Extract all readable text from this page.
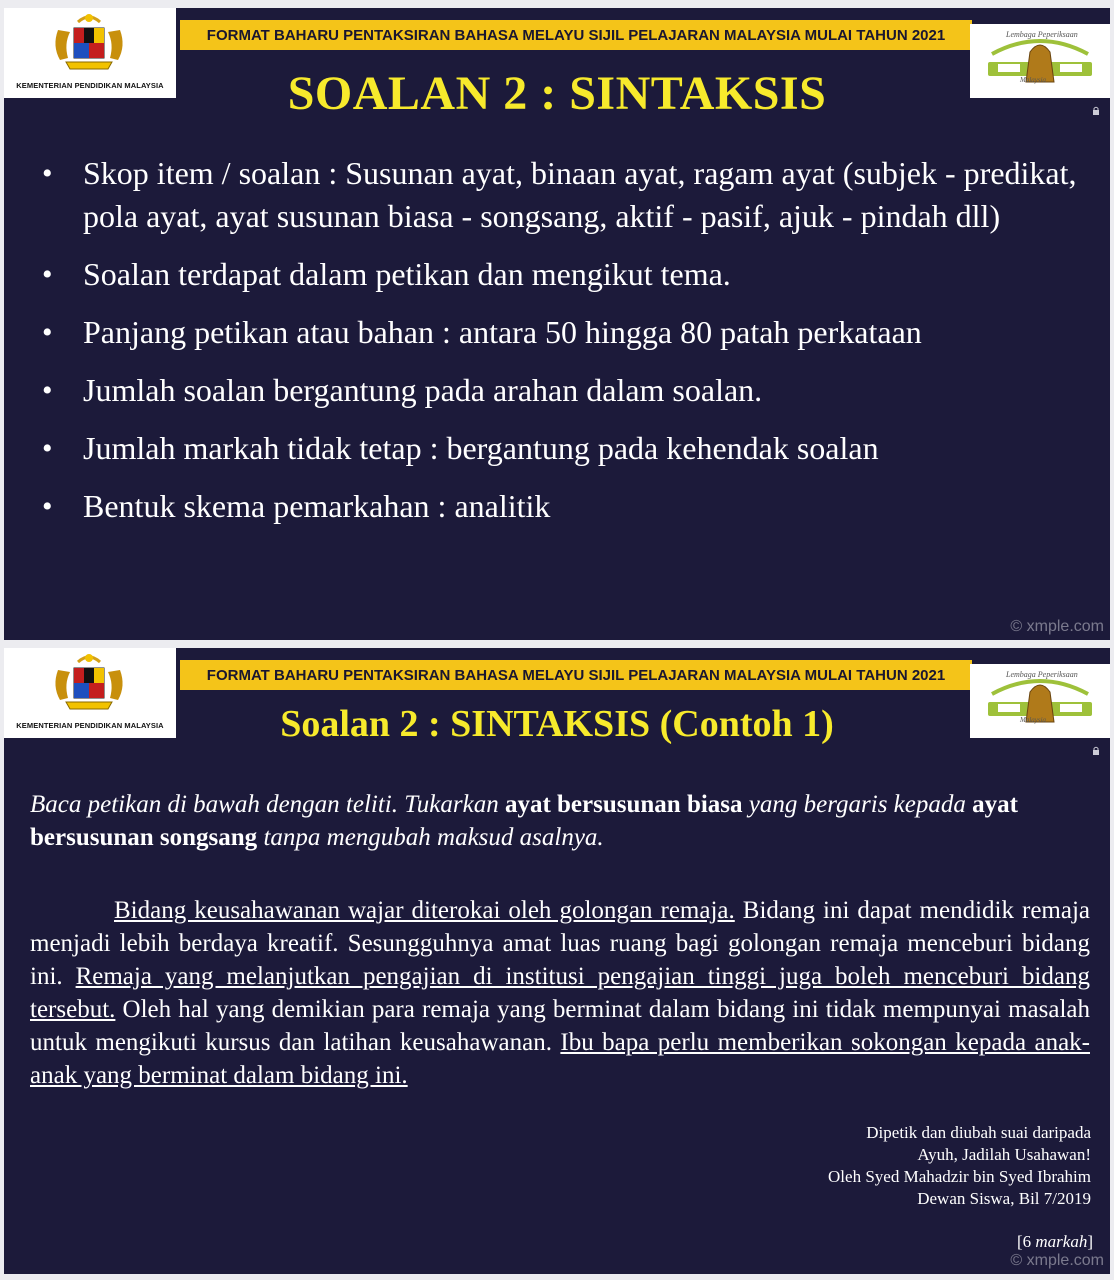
KEMENTERIAN PENDIDIKAN MALAYSIA
FORMAT BAHARU PENTAKSIRAN BAHASA MELAYU SIJIL PELAJARAN MALAYSIA MULAI TAHUN 2021	Lembaga Peperiksaan
Malaysia
SOALAN 2 : SINTAKSIS
• Skop item / soalan : Susunan ayat, binaan ayat, ragam ayat (subjek - predikat, pola ayat, ayat susunan biasa - songsang, aktif - pasif, ajuk - pindah dll)
• Soalan terdapat dalam petikan dan mengikut tema.
• Panjang petikan atau bahan : antara 50 hingga 80 patah perkataan
• Jumlah soalan bergantung pada arahan dalam soalan.
• Jumlah markah tidak tetap : bergantung pada kehendak soalan
• Bentuk skema pemarkahan : analitik
© xmple.com
KEMENTERIAN PENDIDIKAN MALAYSIA
FORMAT BAHARU PENTAKSIRAN BAHASA MELAYU SIJIL PELAJARAN MALAYSIA MULAI TAHUN 2021	Lembaga Peperiksaan
Malaysia
Soalan 2 : SINTAKSIS (Contoh 1)
Baca petikan di bawah dengan teliti. Tukarkan ayat bersusunan biasa yang bergaris kepada ayat bersusunan songsang tanpa mengubah maksud asalnya.
Bidang keusahawanan wajar diterokai oleh golongan remaja. Bidang ini dapat mendidik remaja menjadi lebih berdaya kreatif. Sesungguhnya amat luas ruang bagi golongan remaja menceburi bidang ini. Remaja yang melanjutkan pengajian di institusi pengajian tinggi juga boleh menceburi bidang tersebut. Oleh hal yang demikian para remaja yang berminat dalam bidang ini tidak mempunyai masalah untuk mengikuti kursus dan latihan keusahawanan. Ibu bapa perlu memberikan sokongan kepada anak-anak yang berminat dalam bidang ini.
Dipetik dan diubah suai daripada
Ayuh, Jadilah Usahawan!
Oleh Syed Mahadzir bin Syed Ibrahim
Dewan Siswa, Bil 7/2019
[6 markah]
© xmple.com
